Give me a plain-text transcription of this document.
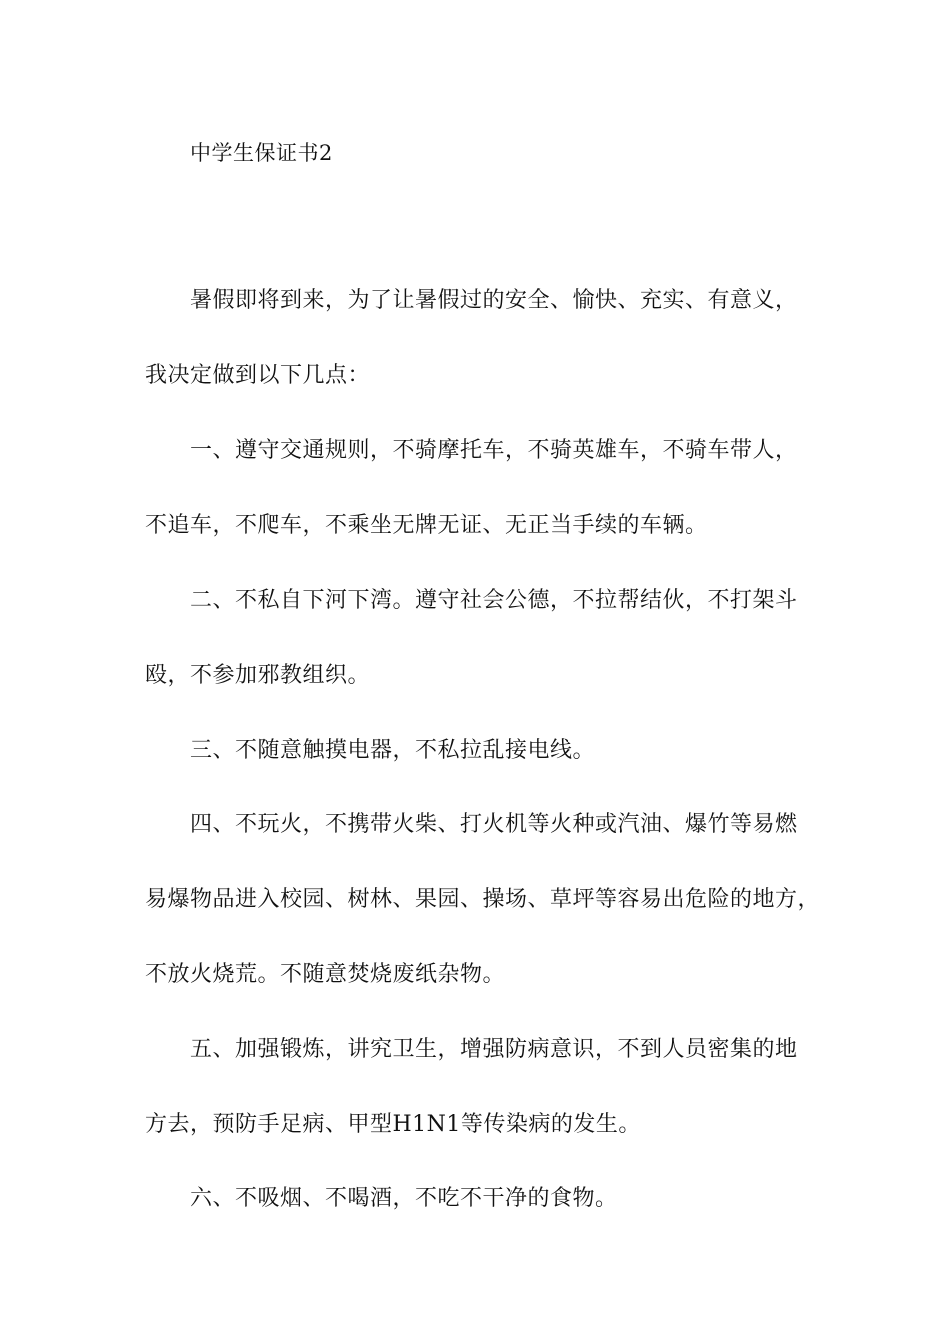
中学生保证书2
暑假即将到来，为了让暑假过的安全、愉快、充实、有意义，
我决定做到以下几点：
一、遵守交通规则，不骑摩托车，不骑英雄车，不骑车带人，
不追车，不爬车，不乘坐无牌无证、无正当手续的车辆。
二、不私自下河下湾。遵守社会公德，不拉帮结伙，不打架斗
殴，不参加邪教组织。
三、不随意触摸电器，不私拉乱接电线。
四、不玩火，不携带火柴、打火机等火种或汽油、爆竹等易燃
易爆物品进入校园、树林、果园、操场、草坪等容易出危险的地方，
不放火烧荒。不随意焚烧废纸杂物。
五、加强锻炼，讲究卫生，增强防病意识，不到人员密集的地
方去，预防手足病、甲型H1N1等传染病的发生。
六、不吸烟、不喝酒，不吃不干净的食物。
